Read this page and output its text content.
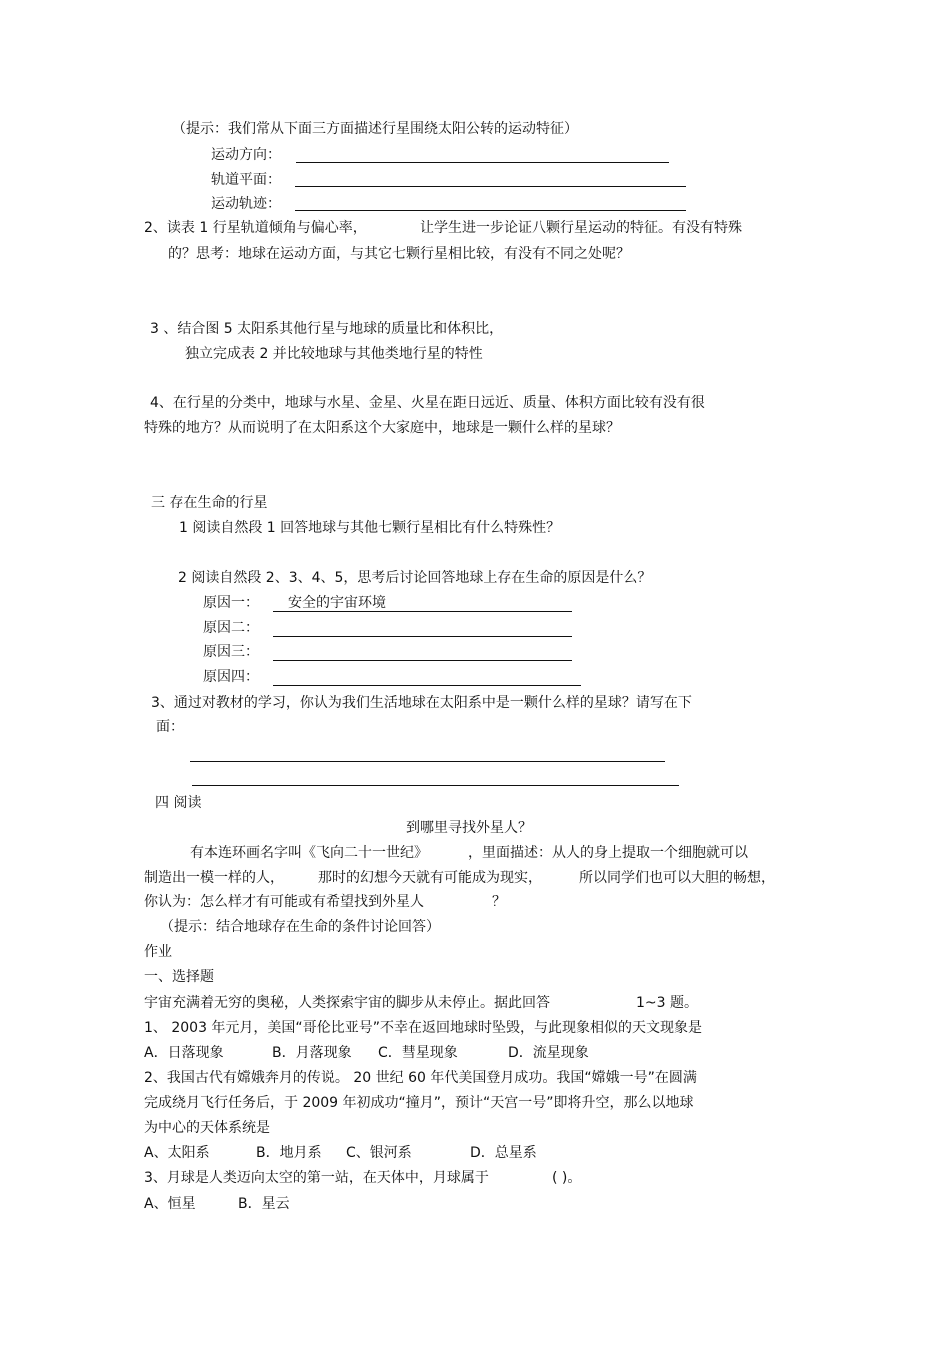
（提示：我们常从下面三方面描述行星围绕太阳公转的运动特征）
运动方向：
轨道平面：
运动轨迹：
2、读表 1 行星轨道倾角与偏心率，	让学生进一步论证八颗行星运动的特征。有没有特殊
的？思考：地球在运动方面，与其它七颗行星相比较，有没有不同之处呢？
3 、结合图 5 太阳系其他行星与地球的质量比和体积比，
独立完成表 2 并比较地球与其他类地行星的特性
4、在行星的分类中，地球与水星、金星、火星在距日远近、质量、体积方面比较有没有很
特殊的地方？从而说明了在太阳系这个大家庭中，地球是一颗什么样的星球？
三 存在生命的行星
1 阅读自然段 1 回答地球与其他七颗行星相比有什么特殊性？
2 阅读自然段 2、3、4、5，思考后讨论回答地球上存在生命的原因是什么？
原因一： 安全的宇宙环境
原因二：
原因三：
原因四：
3、通过对教材的学习，你认为我们生活地球在太阳系中是一颗什么样的星球？请写在下
面：
四 阅读
到哪里寻找外星人？
有本连环画名字叫《飞向二十一世纪》	，里面描述：从人的身上提取一个细胞就可以
制造出一模一样的人， 那时的幻想今天就有可能成为现实，	所以同学们也可以大胆的畅想，
你认为：怎么样才有可能或有希望找到外星人	？
（提示：结合地球存在生命的条件讨论回答）
作业
一、选择题
宇宙充满着无穷的奥秘，人类探索宇宙的脚步从未停止。据此回答	1~3 题。
1、 2003 年元月，美国“哥伦比亚号”不幸在返回地球时坠毁，与此现象相似的天文现象是
A．日落现象	B．月落现象 C．彗星现象	D．流星现象
2、我国古代有嫦娥奔月的传说。 20 世纪 60 年代美国登月成功。我国“嫦娥一号”在圆满
完成绕月飞行任务后，于 2009 年初成功“撞月”，预计“天宫一号”即将升空，那么以地球
为中心的天体系统是
A、太阳系	B．地月系 C、银河系	D．总星系
3、月球是人类迈向太空的第一站，在天体中，月球属于	( )。
A、恒星	B．星云
